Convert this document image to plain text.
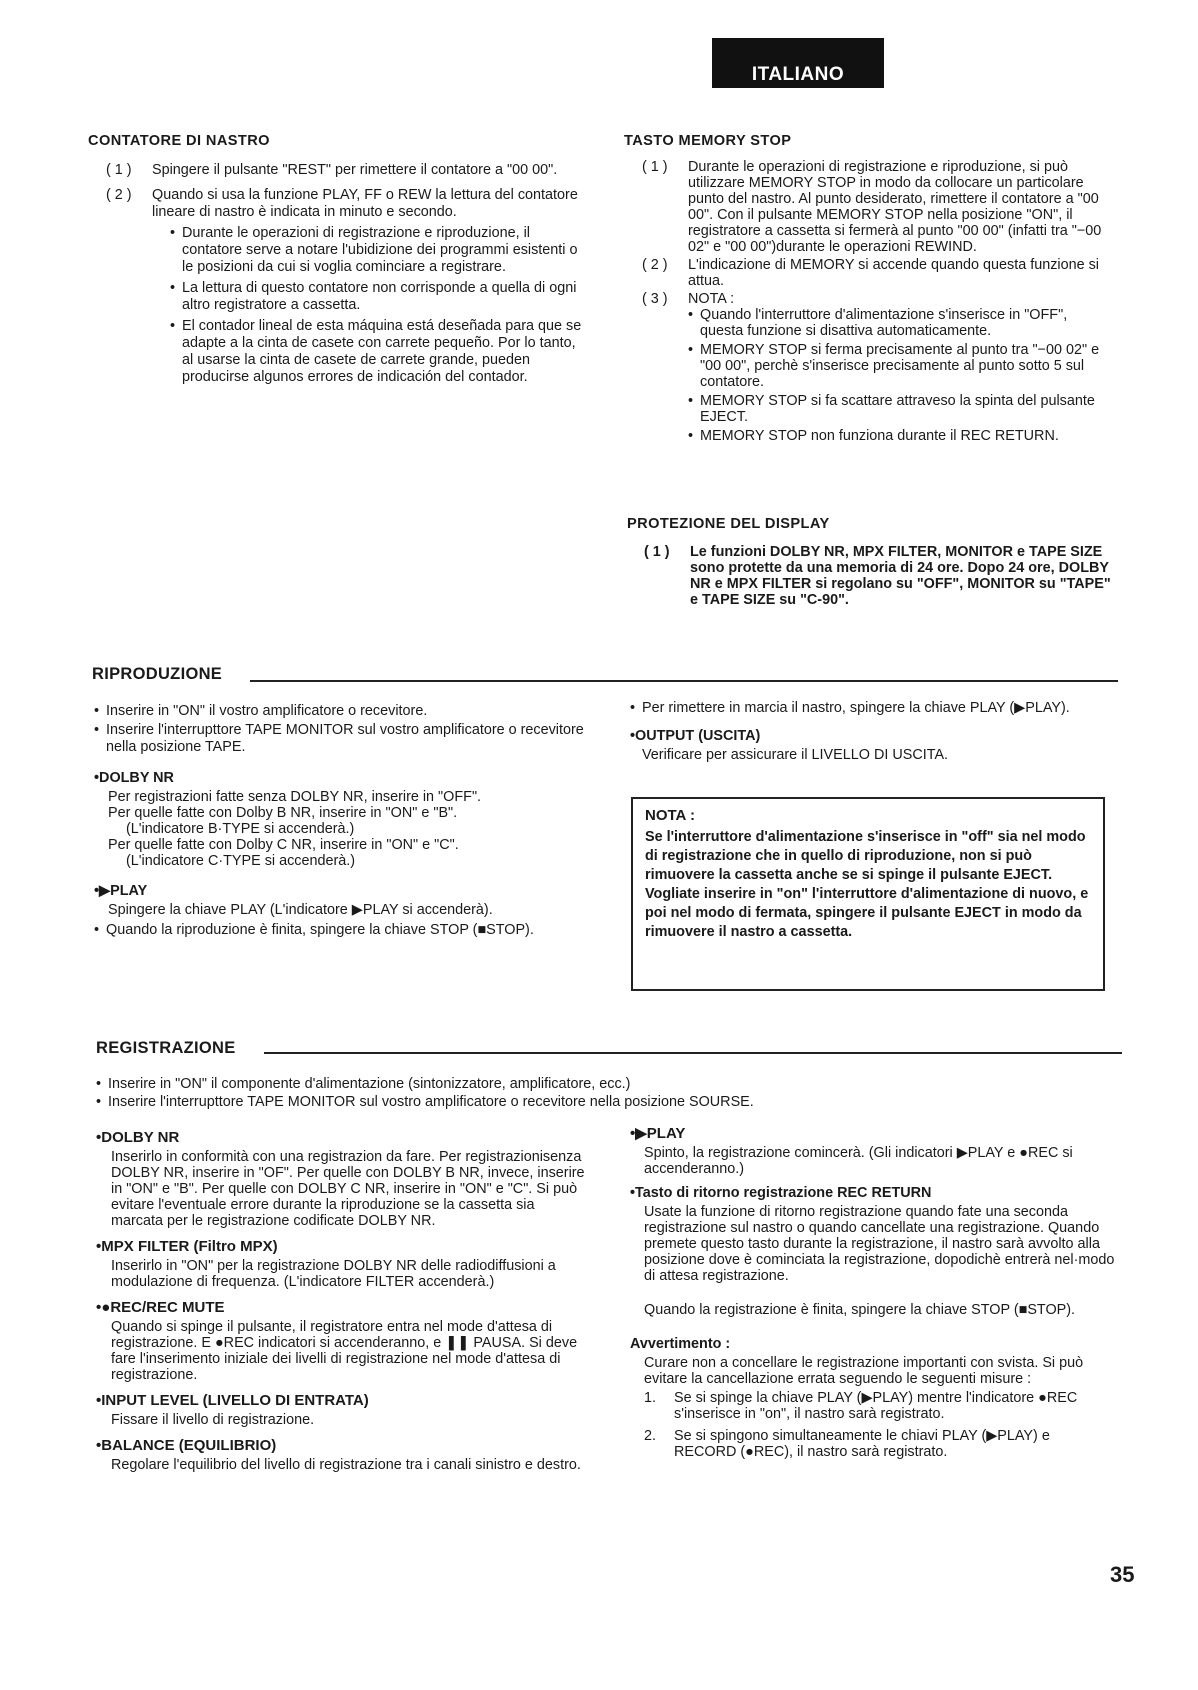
ITALIANO
CONTATORE DI NASTRO
( 1 )	Spingere il pulsante "REST" per rimettere il contatore a "00 00".
( 2 )	Quando si usa la funzione PLAY, FF o REW la lettura del contatore lineare di nastro è indicata in minuto e secondo.
• Durante le operazioni di registrazione e riproduzione, il contatore serve a notare l'ubidizione dei programmi esistenti o le posizioni da cui si voglia cominciare a registrare.
• La lettura di questo contatore non corrisponde a quella di ogni altro registratore a cassetta.
• El contador lineal de esta máquina está deseñada para que se adapte a la cinta de casete con carrete pequeño. Por lo tanto, al usarse la cinta de casete de carrete grande, pueden producirse algunos errores de indicación del contador.
TASTO MEMORY STOP
( 1 )	Durante le operazioni di registrazione e riproduzione, si può utilizzare MEMORY STOP in modo da collocare un particolare punto del nastro. Al punto desiderato, rimettere il contatore a "00 00". Con il pulsante MEMORY STOP nella posizione "ON", il registratore a cassetta si fermerà al punto "00 00" (infatti tra "−00 02" e "00 00")durante le operazioni REWIND.
( 2 )	L'indicazione di MEMORY si accende quando questa funzione si attua.
( 3 )	NOTA :
• Quando l'interruttore d'alimentazione s'inserisce in "OFF", questa funzione si disattiva automaticamente.
• MEMORY STOP si ferma precisamente al punto tra "−00 02" e "00 00", perchè s'inserisce precisamente al punto sotto 5 sul contatore.
• MEMORY STOP si fa scattare attraveso la spinta del pulsante EJECT.
• MEMORY STOP non funziona durante il REC RETURN.
PROTEZIONE DEL DISPLAY
( 1 )	Le funzioni DOLBY NR, MPX FILTER, MONITOR e TAPE SIZE sono protette da una memoria di 24 ore. Dopo 24 ore, DOLBY NR e MPX FILTER si regolano su "OFF", MONITOR su "TAPE" e TAPE SIZE su "C-90".
RIPRODUZIONE
• Inserire in "ON" il vostro amplificatore o recevitore.
• Inserire l'interrupttore TAPE MONITOR sul vostro amplificatore o recevitore nella posizione TAPE.
•DOLBY NR
Per registrazioni fatte senza DOLBY NR, inserire in "OFF".
Per quelle fatte con Dolby B NR, inserire in "ON" e "B".
(L'indicatore B·TYPE si accenderà.)
Per quelle fatte con Dolby C NR, inserire in "ON" e "C".
(L'indicatore C·TYPE si accenderà.)
•▶PLAY
Spingere la chiave PLAY (L'indicatore ▶PLAY si accenderà).
• Quando la riproduzione è finita, spingere la chiave STOP (■STOP).
• Per rimettere in marcia il nastro, spingere la chiave PLAY (▶PLAY).
•OUTPUT (USCITA)
Verificare per assicurare il LIVELLO DI USCITA.
NOTA :
Se l'interruttore d'alimentazione s'inserisce in "off" sia nel modo di registrazione che in quello di riproduzione, non si può rimuovere la cassetta anche se si spinge il pulsante EJECT. Vogliate inserire in "on" l'interruttore d'alimentazione di nuovo, e poi nel modo di fermata, spingere il pulsante EJECT in modo da rimuovere il nastro a cassetta.
REGISTRAZIONE
• Inserire in "ON" il componente d'alimentazione (sintonizzatore, amplificatore, ecc.)
• Inserire l'interrupttore TAPE MONITOR sul vostro amplificatore o recevitore nella posizione SOURSE.
•DOLBY NR
Inserirlo in conformità con una registrazion da fare. Per registrazionisenza DOLBY NR, inserire in "OF". Per quelle con DOLBY B NR, invece, inserire in "ON" e "B". Per quelle con DOLBY C NR, inserire in "ON" e "C". Si può evitare l'eventuale errore durante la riproduzione se la cassetta sia marcata per le registrazione codificate DOLBY NR.
•MPX FILTER (Filtro MPX)
Inserirlo in "ON" per la registrazione DOLBY NR delle radiodiffusioni a modulazione di frequenza. (L'indicatore FILTER accenderà.)
•●REC/REC MUTE
Quando si spinge il pulsante, il registratore entra nel mode d'attesa di registrazione. E ●REC indicatori si accenderanno, e ❚❚ PAUSA. Si deve fare l'inserimento iniziale dei livelli di registrazione nel mode d'attesa di registrazione.
•INPUT LEVEL (LIVELLO DI ENTRATA)
Fissare il livello di registrazione.
•BALANCE (EQUILIBRIO)
Regolare l'equilibrio del livello di registrazione tra i canali sinistro e destro.
•▶PLAY
Spinto, la registrazione comincerà. (Gli indicatori ▶PLAY e ●REC si accenderanno.)
•Tasto di ritorno registrazione REC RETURN
Usate la funzione di ritorno registrazione quando fate una seconda registrazione sul nastro o quando cancellate una registrazione. Quando premete questo tasto durante la registrazione, il nastro sarà avvolto alla posizione dove è cominciata la registrazione, dopodichè entrerà nel·modo di attesa registrazione.
Quando la registrazione è finita, spingere la chiave STOP (■STOP).
Avvertimento :
Curare non a concellare le registrazione importanti con svista. Si può evitare la cancellazione errata seguendo le seguenti misure :
1.	Se si spinge la chiave PLAY (▶PLAY) mentre l'indicatore ●REC s'inserisce in "on", il nastro sarà registrato.
2.	Se si spingono simultaneamente le chiavi PLAY (▶PLAY) e RECORD (●REC), il nastro sarà registrato.
35
